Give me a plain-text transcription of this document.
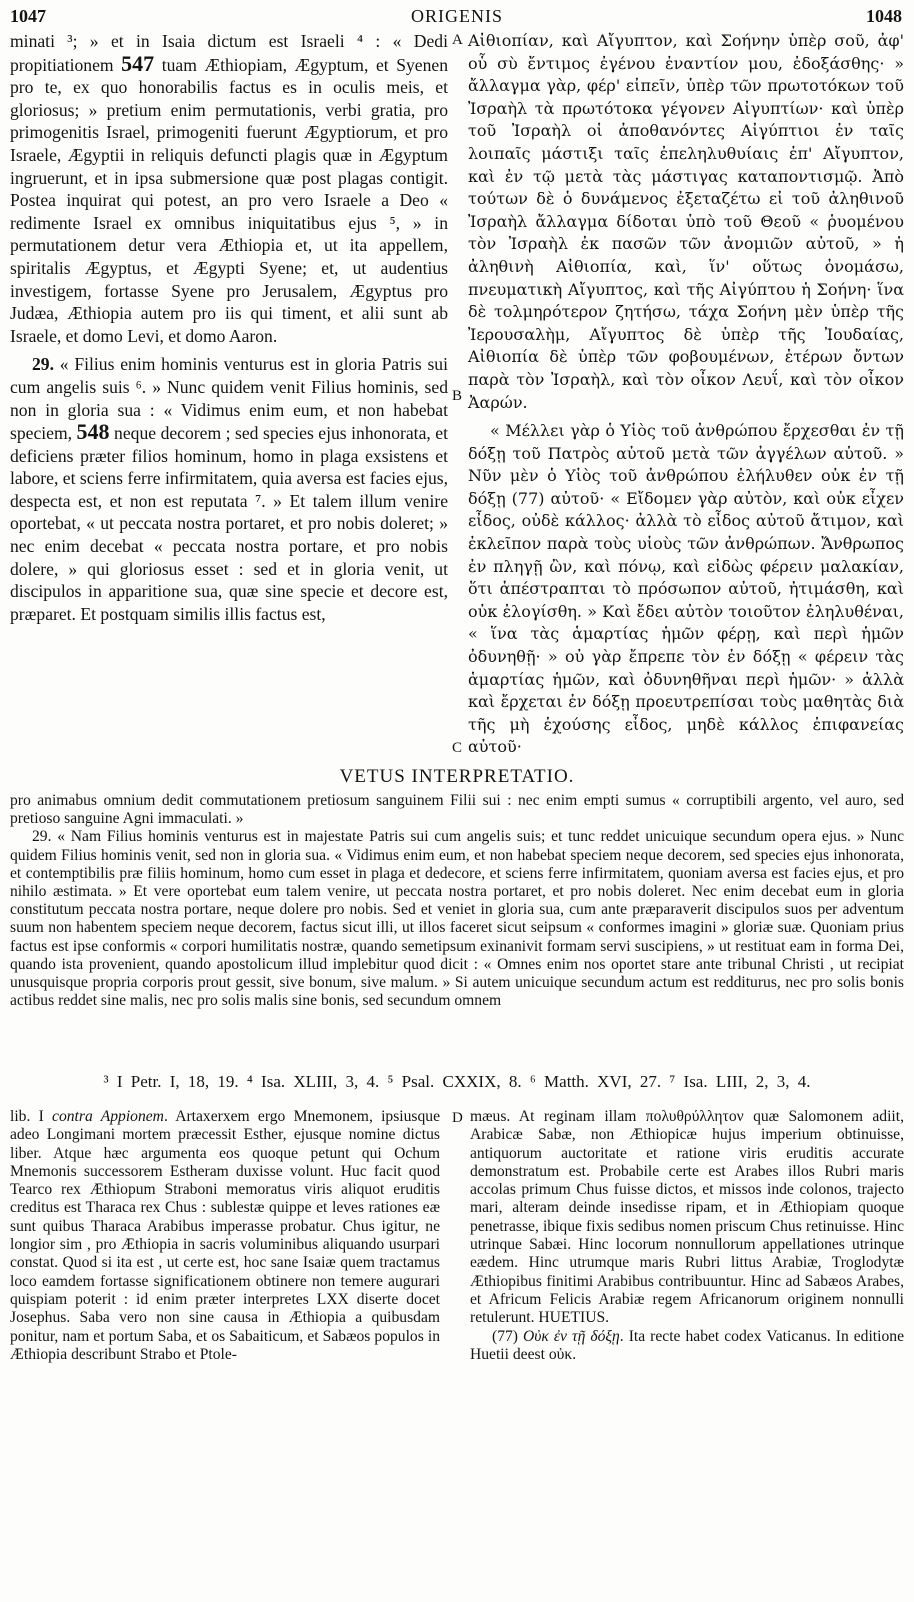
1047	ORIGENIS	1048

minati ³; » et in Isaia dictum est Israeli ⁴ : « Dedi propitiationem 547 tuam Æthiopiam, Ægyptum, et Syenen pro te, ex quo honorabilis factus es in oculis meis, et gloriosus; » pretium enim permutationis, verbi gratia, pro primogenitis Israel, primogeniti fuerunt Ægyptiorum, et pro Israele, Ægyptii in reliquis defuncti plagis quæ in Ægyptum ingruerunt, et in ipsa submersione quæ post plagas contigit. Postea inquirat qui potest, an pro vero Israele a Deo « redimente Israel ex omnibus iniquitatibus ejus ⁵, » in permutationem detur vera Æthiopia et, ut ita appellem, spiritalis Ægyptus, et Ægypti Syene; et, ut audentius investigem, fortasse Syene pro Jerusalem, Ægyptus pro Judæa, Æthiopia autem pro iis qui timent, et alii sunt ab Israele, et domo Levi, et domo Aaron.

29. « Filius enim hominis venturus est in gloria Patris sui cum angelis suis ⁶. » Nunc quidem venit Filius hominis, sed non in gloria sua : « Vidimus enim eum, et non habebat speciem, 548 neque decorem ; sed species ejus inhonorata, et deficiens præter filios hominum, homo in plaga exsistens et labore, et sciens ferre infirmitatem, quia aversa est facies ejus, despecta est, et non est reputata ⁷. » Et talem illum venire oportebat, « ut peccata nostra portaret, et pro nobis doleret; » nec enim decebat « peccata nostra portare, et pro nobis dolere, » qui gloriosus esset : sed et in gloria venit, ut discipulos in apparitione sua, quæ sine specie et decore est, præparet. Et postquam similis illis factus est,

A
B
C

Αἰθιοπίαν, καὶ Αἴγυπτον, καὶ Σοήνην ὑπὲρ σοῦ, ἀφ' οὗ σὺ ἔντιμος ἐγένου ἐναντίον μου, ἐδοξάσθης· » ἄλλαγμα γὰρ, φέρ' εἰπεῖν, ὑπὲρ τῶν πρωτοτόκων τοῦ Ἰσραὴλ τὰ πρωτότοκα γέγονεν Αἰγυπτίων· καὶ ὑπὲρ τοῦ Ἰσραὴλ οἱ ἀποθανόντες Αἰγύπτιοι ἐν ταῖς λοιπαῖς μάστιξι ταῖς ἐπεληλυθυίαις ἐπ' Αἴγυπτον, καὶ ἐν τῷ μετὰ τὰς μάστιγας καταποντισμῷ. Ἀπὸ τούτων δὲ ὁ δυνάμενος ἐξεταζέτω εἰ τοῦ ἀληθινοῦ Ἰσραὴλ ἄλλαγμα δίδοται ὑπὸ τοῦ Θεοῦ « ῥυομένου τὸν Ἰσραὴλ ἐκ πασῶν τῶν ἀνομιῶν αὐτοῦ, » ἡ ἀληθινὴ Αἰθιοπία, καὶ, ἵν' οὕτως ὀνομάσω, πνευματικὴ Αἴγυπτος, καὶ τῆς Αἰγύπτου ἡ Σοήνη· ἵνα δὲ τολμηρότερον ζητήσω, τάχα Σοήνη μὲν ὑπὲρ τῆς Ἰερουσαλὴμ, Αἴγυπτος δὲ ὑπὲρ τῆς Ἰουδαίας, Αἰθιοπία δὲ ὑπὲρ τῶν φοβουμένων, ἑτέρων ὄντων παρὰ τὸν Ἰσραὴλ, καὶ τὸν οἶκον Λευΐ, καὶ τὸν οἶκον Ἀαρών.

« Μέλλει γὰρ ὁ Υἱὸς τοῦ ἀνθρώπου ἔρχεσθαι ἐν τῇ δόξῃ τοῦ Πατρὸς αὐτοῦ μετὰ τῶν ἀγγέλων αὐτοῦ. » Νῦν μὲν ὁ Υἱὸς τοῦ ἀνθρώπου ἐλήλυθεν οὐκ ἐν τῇ δόξῃ (77) αὐτοῦ· « Εἴδομεν γὰρ αὐτὸν, καὶ οὐκ εἶχεν εἶδος, οὐδὲ κάλλος· ἀλλὰ τὸ εἶδος αὐτοῦ ἄτιμον, καὶ ἐκλεῖπον παρὰ τοὺς υἱοὺς τῶν ἀνθρώπων. Ἄνθρωπος ἐν πληγῇ ὢν, καὶ πόνῳ, καὶ εἰδὼς φέρειν μαλακίαν, ὅτι ἀπέστραπται τὸ πρόσωπον αὐτοῦ, ἠτιμάσθη, καὶ οὐκ ἐλογίσθη. » Καὶ ἔδει αὐτὸν τοιοῦτον ἐληλυθέναι, « ἵνα τὰς ἁμαρτίας ἡμῶν φέρῃ, καὶ περὶ ἡμῶν ὀδυνηθῇ· » οὐ γὰρ ἔπρεπε τὸν ἐν δόξῃ « φέρειν τὰς ἁμαρτίας ἡμῶν, καὶ ὀδυνηθῆναι περὶ ἡμῶν· » ἀλλὰ καὶ ἔρχεται ἐν δόξῃ προευτρεπίσαι τοὺς μαθητὰς διὰ τῆς μὴ ἐχούσης εἶδος, μηδὲ κάλλος ἐπιφανείας αὐτοῦ·

VETUS INTERPRETATIO.

pro animabus omnium dedit commutationem pretiosum sanguinem Filii sui : nec enim empti sumus « corruptibili argento, vel auro, sed pretioso sanguine Agni immaculati. »

29. « Nam Filius hominis venturus est in majestate Patris sui cum angelis suis; et tunc reddet unicuique secundum opera ejus. » Nunc quidem Filius hominis venit, sed non in gloria sua. « Vidimus enim eum, et non habebat speciem neque decorem, sed species ejus inhonorata, et contemptibilis præ filiis hominum, homo cum esset in plaga et dedecore, et sciens ferre infirmitatem, quoniam aversa est facies ejus, et pro nihilo æstimata. » Et vere oportebat eum talem venire, ut peccata nostra portaret, et pro nobis doleret. Nec enim decebat eum in gloria constitutum peccata nostra portare, neque dolere pro nobis. Sed et veniet in gloria sua, cum ante præparaverit discipulos suos per adventum suum non habentem speciem neque decorem, factus sicut illi, ut illos faceret sicut seipsum « conformes imagini » gloriæ suæ. Quoniam prius factus est ipse conformis « corpori humilitatis nostræ, quando semetipsum exinanivit formam servi suscipiens, » ut restituat eam in forma Dei, quando ista provenient, quando apostolicum illud implebitur quod dicit : « Omnes enim nos oportet stare ante tribunal Christi , ut recipiat unusquisque propria corporis prout gessit, sive bonum, sive malum. » Si autem unicuique secundum actum est redditurus, nec pro solis bonis actibus reddet sine malis, nec pro solis malis sine bonis, sed secundum omnem

³ I Petr. I, 18, 19. ⁴ Isa. XLIII, 3, 4. ⁵ Psal. CXXIX, 8. ⁶ Matth. XVI, 27. ⁷ Isa. LIII, 2, 3, 4.
D

lib. I contra Appionem. Artaxerxem ergo Mnemonem, ipsiusque adeo Longimani mortem præcessit Esther, ejusque nomine dictus liber. Atque hæc argumenta eos quoque petunt qui Ochum Mnemonis successorem Estheram duxisse volunt. Huc facit quod Tearco rex Æthiopum Straboni memoratus viris aliquot eruditis creditus est Tharaca rex Chus : sublestæ quippe et leves rationes eæ sunt quibus Tharaca Arabibus imperasse probatur. Chus igitur, ne longior sim , pro Æthiopia in sacris voluminibus aliquando usurpari constat. Quod si ita est , ut certe est, hoc sane Isaiæ quem tractamus loco eamdem fortasse significationem obtinere non temere augurari quispiam poterit : id enim præter interpretes LXX diserte docet Josephus. Saba vero non sine causa in Æthiopia a quibusdam ponitur, nam et portum Saba, et os Sabaiticum, et Sabæos populos in Æthiopia describunt Strabo et Ptole-

mæus. At reginam illam πολυθρύλλητον quæ Salomonem adiit, Arabicæ Sabæ, non Æthiopicæ hujus imperium obtinuisse, antiquorum auctoritate et ratione viris eruditis accurate demonstratum est. Probabile certe est Arabes illos Rubri maris accolas primum Chus fuisse dictos, et missos inde colonos, trajecto mari, alteram deinde insedisse ripam, et in Æthiopiam quoque penetrasse, ibique fixis sedibus nomen priscum Chus retinuisse. Hinc utrinque Sabæi. Hinc locorum nonnullorum appellationes utrinque eædem. Hinc utrumque maris Rubri littus Arabiæ, Troglodytæ Æthiopibus finitimi Arabibus contribuuntur. Hinc ad Sabæos Arabes, et Africum Felicis Arabiæ regem Africanorum originem nonnulli retulerunt. HUETIUS.

(77) Οὐκ ἐν τῇ δόξῃ. Ita recte habet codex Vaticanus. In editione Huetii deest οὐκ.
